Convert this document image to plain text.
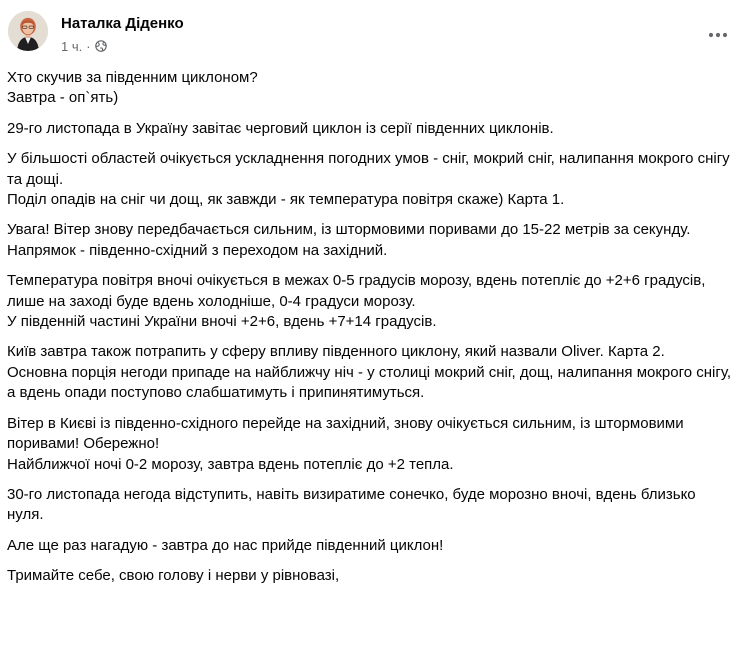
Наталка Діденко
1 ч. ·

Хто скучив за південним циклоном?
Завтра - оп`ять)

29-го листопада в Україну завітає черговий циклон із серії південних циклонів.

У більшості областей очікується ускладнення погодних умов - сніг, мокрий сніг, налипання мокрого снігу та дощі.
Поділ опадів на сніг чи дощ, як завжди - як температура повітря скаже) Карта 1.

Увага! Вітер знову передбачається сильним, із штормовими поривами до 15-22 метрів за секунду.
Напрямок - південно-східний з переходом на західний.

Температура повітря вночі очікується в межах 0-5 градусів морозу, вдень потепліє до +2+6 градусів, лише на заході буде вдень холодніше, 0-4 градуси морозу.
У південній частині України вночі +2+6, вдень +7+14 градусів.

Київ завтра також потрапить у сферу впливу південного циклону, який назвали Oliver. Карта 2.
Основна порція негоди припаде на найближчу ніч - у столиці мокрий сніг, дощ, налипання мокрого снігу, а вдень опади поступово слабшатимуть і припинятимуться.

Вітер в Києві із південно-східного перейде на західний, знову очікується сильним, із штормовими поривами! Обережно!
Найближчої ночі 0-2 морозу, завтра вдень потепліє до +2 тепла.

30-го листопада негода відступить, навіть визиратиме сонечко, буде морозно вночі, вдень близько нуля.

Але ще раз нагадую - завтра до нас прийде південний циклон!

Тримайте себе, свою голову і нерви у рівновазі,
